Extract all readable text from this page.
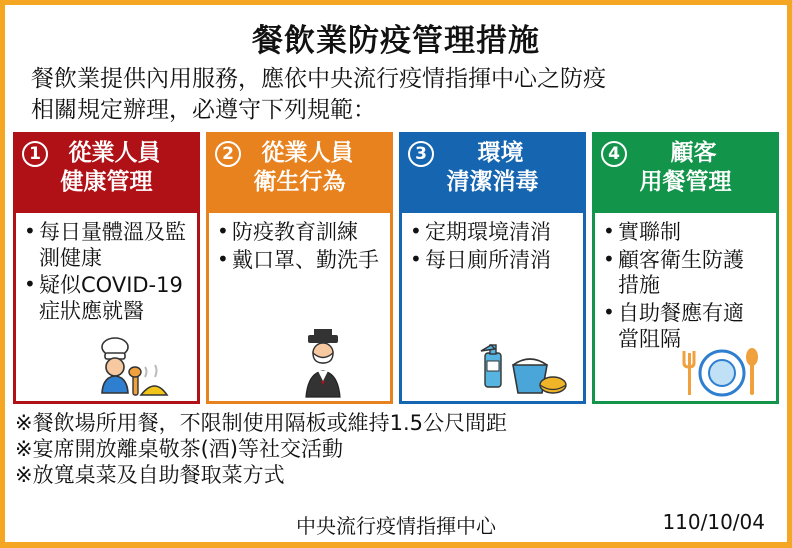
餐飲業防疫管理措施
餐飲業提供內用服務，應依中央流行疫情指揮中心之防疫
相關規定辦理，必遵守下列規範：
1	從業人員
健康管理
• 每日量體溫及監
測健康
• 疑似COVID-19
症狀應就醫
2	從業人員
衛生行為
• 防疫教育訓練
• 戴口罩、勤洗手
3	環境
清潔消毒
• 定期環境清消
• 每日廁所清消
4	顧客
用餐管理
• 實聯制
• 顧客衛生防護
措施
• 自助餐應有適
當阻隔
※餐飲場所用餐，不限制使用隔板或維持1.5公尺間距
※宴席開放離桌敬茶(酒)等社交活動
※放寬桌菜及自助餐取菜方式
中央流行疫情指揮中心	110/10/04
